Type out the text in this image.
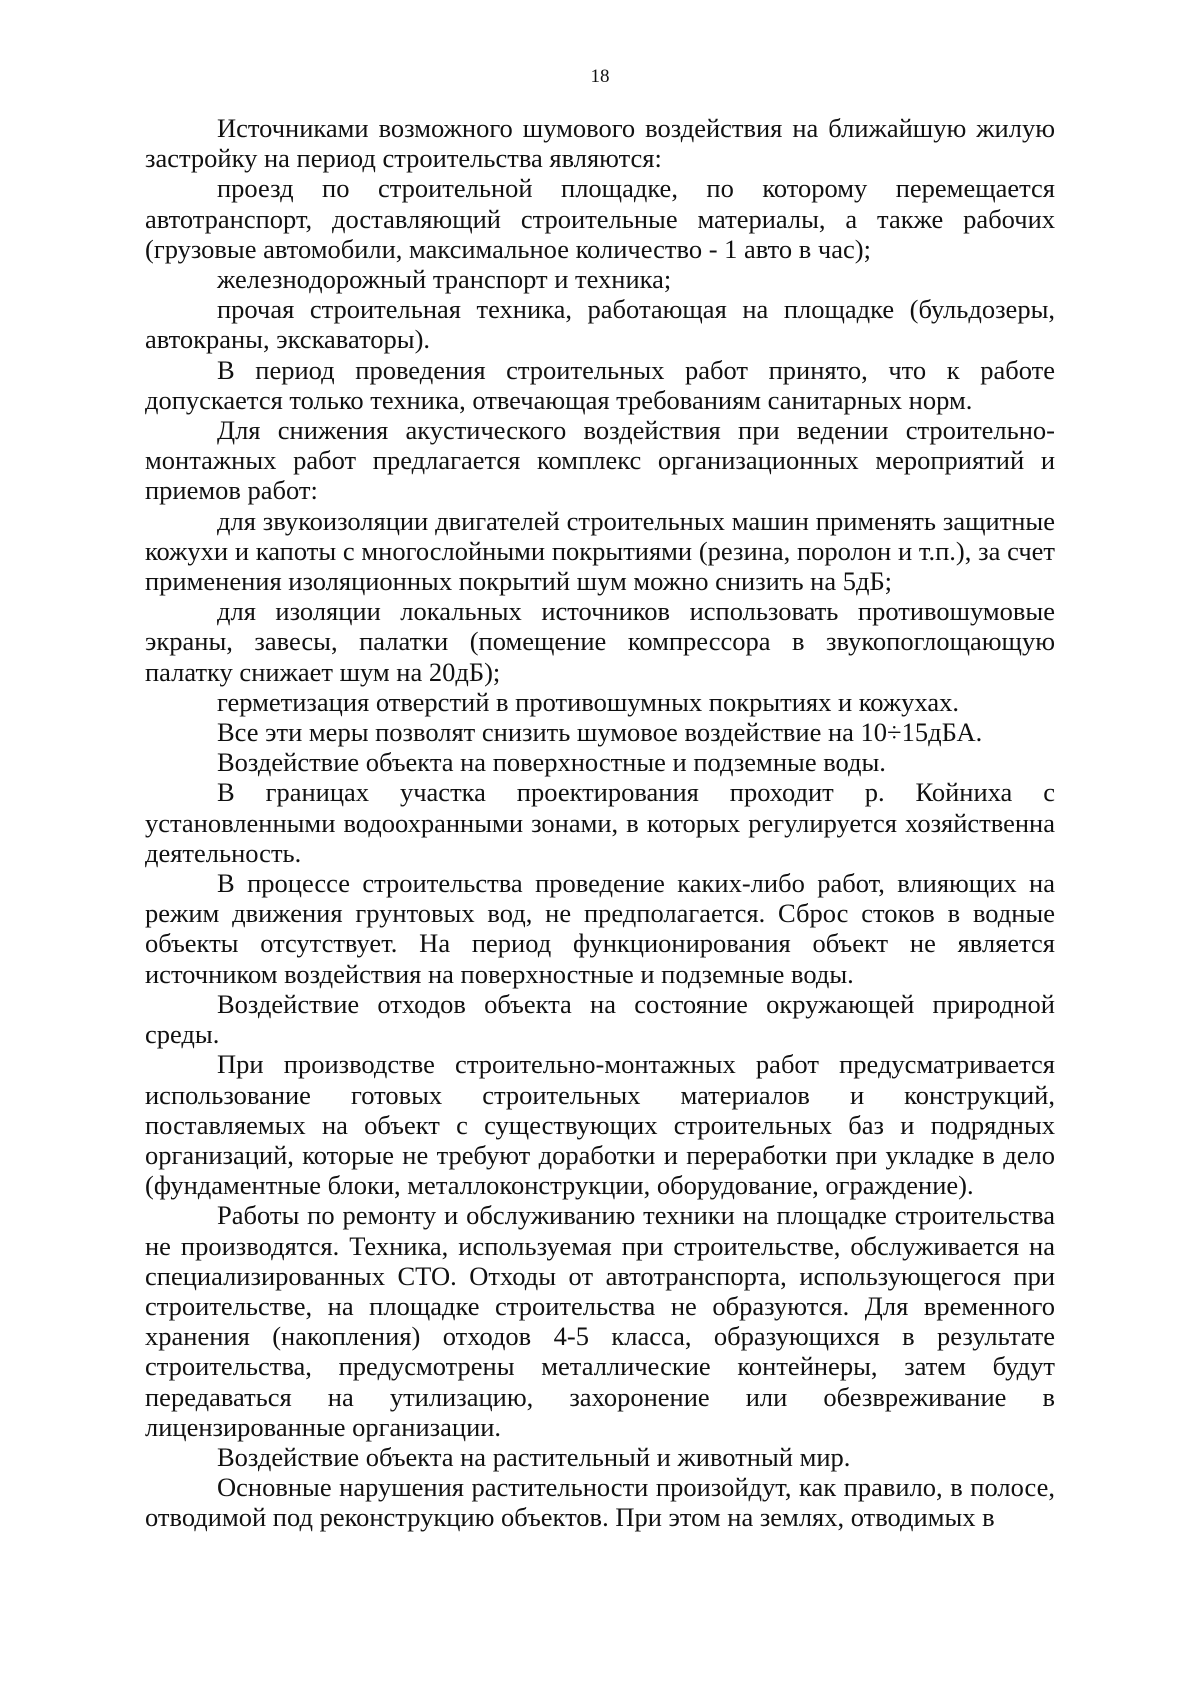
18

Источниками возможного шумового воздействия на ближайшую жилую застройку на период строительства являются:

проезд по строительной площадке, по которому перемещается автотранспорт, доставляющий строительные материалы, а также рабочих (грузовые автомобили, максимальное количество - 1 авто в час);

железнодорожный транспорт и техника;

прочая строительная техника, работающая на площадке (бульдозеры, автокраны, экскаваторы).

В период проведения строительных работ принято, что к работе допускается только техника, отвечающая требованиям санитарных норм.

Для снижения акустического воздействия при ведении строительно-монтажных работ предлагается комплекс организационных мероприятий и приемов работ:

для звукоизоляции двигателей строительных машин применять защитные кожухи и капоты с многослойными покрытиями (резина, поролон и т.п.), за счет применения изоляционных покрытий шум можно снизить на 5дБ;

для изоляции локальных источников использовать противошумовые экраны, завесы, палатки (помещение компрессора в звукопоглощающую палатку снижает шум на 20дБ);

герметизация отверстий в противошумных покрытиях и кожухах.

Все эти меры позволят снизить шумовое воздействие на 10÷15дБА.

Воздействие объекта на поверхностные и подземные воды.

В границах участка проектирования проходит р. Койниха с установленными водоохранными зонами, в которых регулируется хозяйственна деятельность.

В процессе строительства проведение каких-либо работ, влияющих на режим движения грунтовых вод, не предполагается. Сброс стоков в водные объекты отсутствует. На период функционирования объект не является источником воздействия на поверхностные и подземные воды.

Воздействие отходов объекта на состояние окружающей природной среды.

При производстве строительно-монтажных работ предусматривается использование готовых строительных материалов и конструкций, поставляемых на объект с существующих строительных баз и подрядных организаций, которые не требуют доработки и переработки при укладке в дело (фундаментные блоки, металлоконструкции, оборудование, ограждение).

Работы по ремонту и обслуживанию техники на площадке строительства не производятся. Техника, используемая при строительстве, обслуживается на специализированных СТО. Отходы от автотранспорта, использующегося при строительстве, на площадке строительства не образуются. Для временного хранения (накопления) отходов 4-5 класса, образующихся в результате строительства, предусмотрены металлические контейнеры, затем будут передаваться на утилизацию, захоронение или обезвреживание в лицензированные организации.

Воздействие объекта на растительный и животный мир.

Основные нарушения растительности произойдут, как правило, в полосе, отводимой под реконструкцию объектов. При этом на землях, отводимых в
